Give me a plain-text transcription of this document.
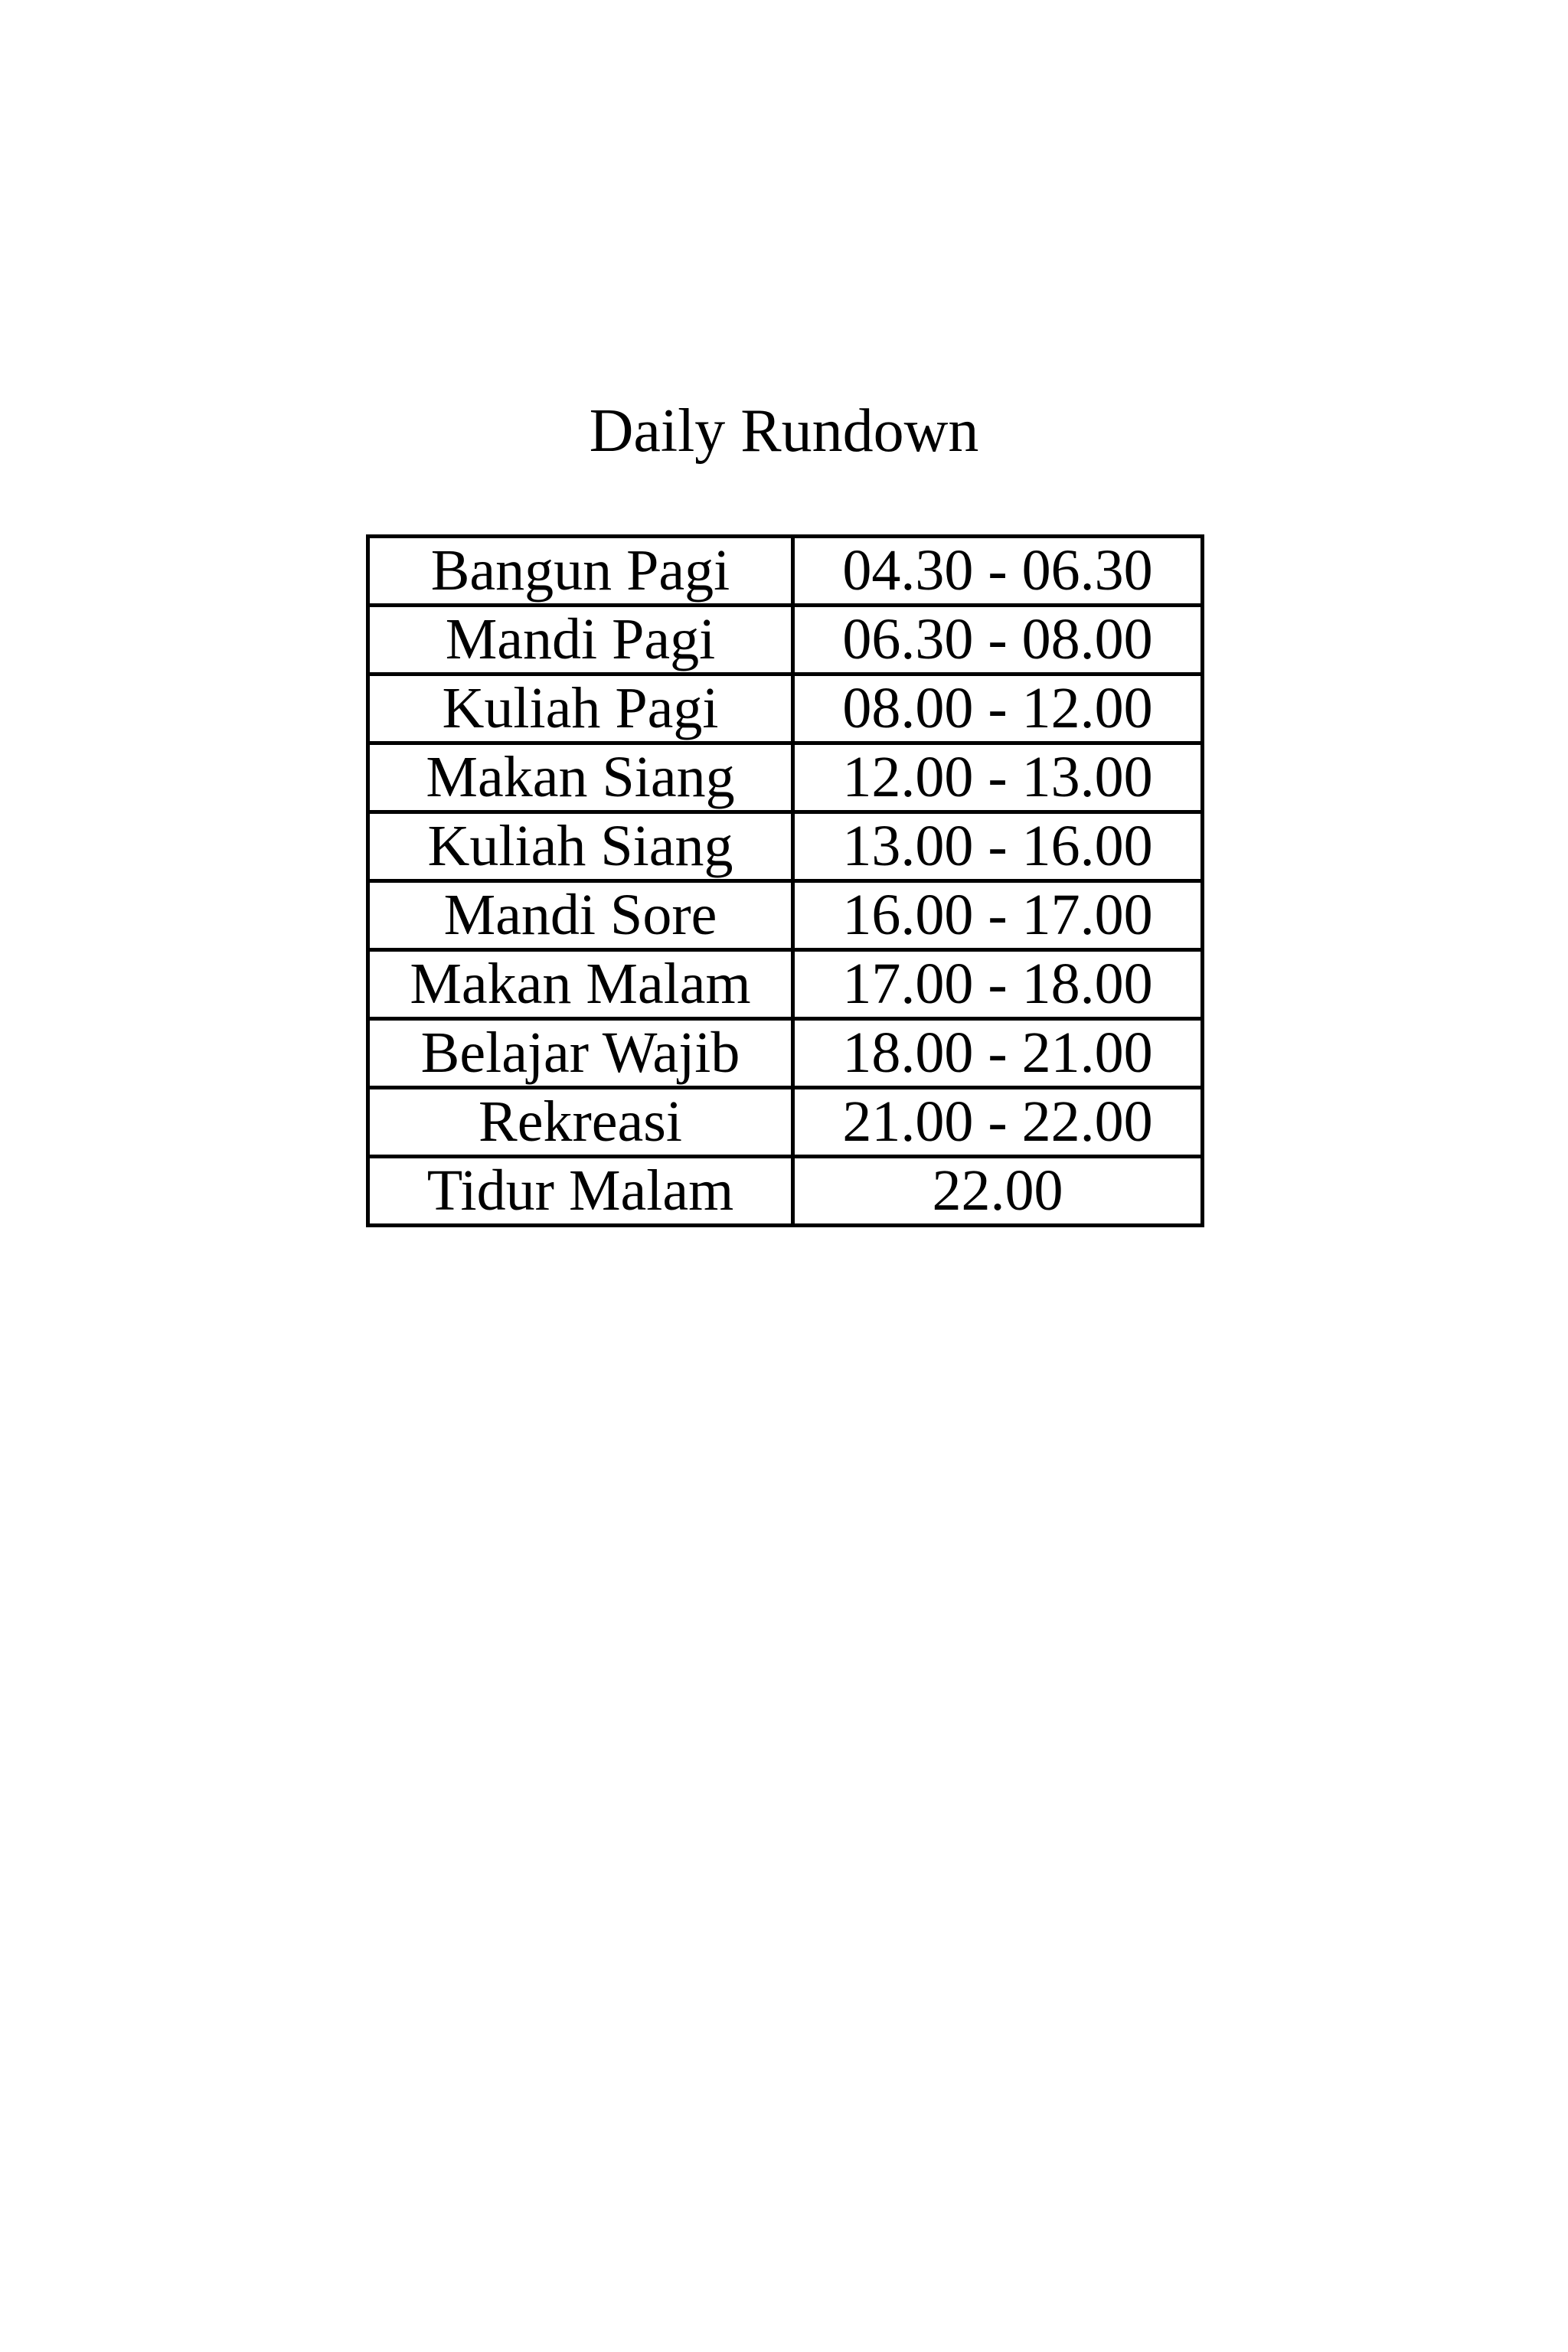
Daily Rundown
Bangun Pagi	04.30 - 06.30
Mandi Pagi	06.30 - 08.00
Kuliah Pagi	08.00 - 12.00
Makan Siang	12.00 - 13.00
Kuliah Siang	13.00 - 16.00
Mandi Sore	16.00 - 17.00
Makan Malam	17.00 - 18.00
Belajar Wajib	18.00 - 21.00
Rekreasi	21.00 - 22.00
Tidur Malam	22.00
